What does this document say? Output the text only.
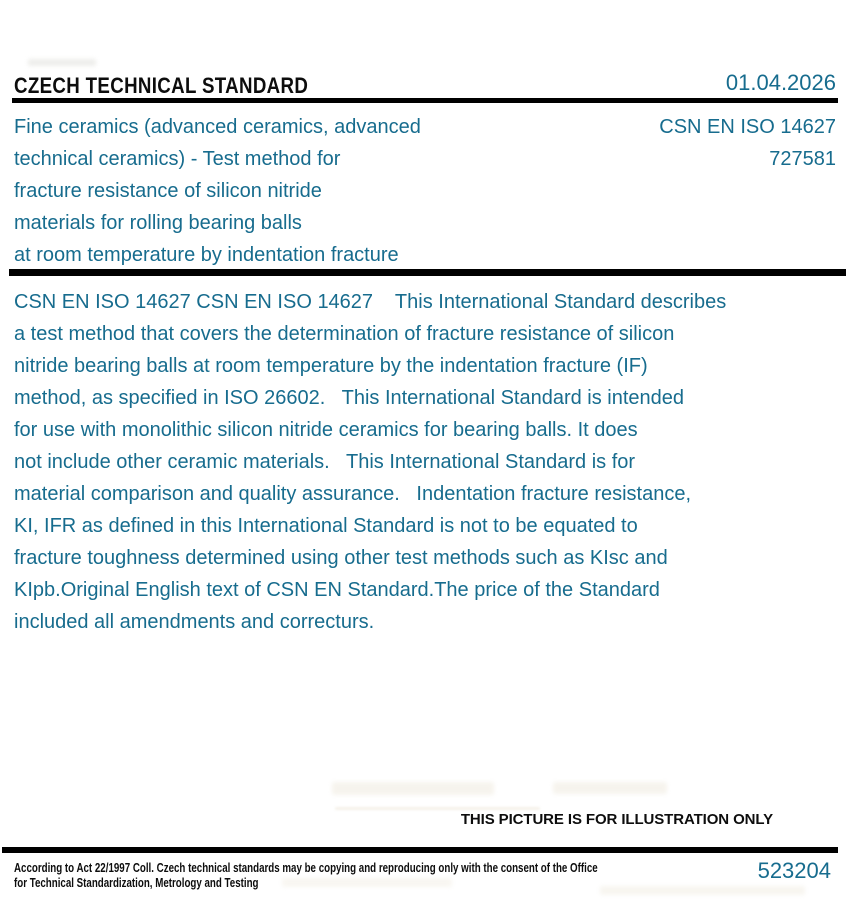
CZECH TECHNICAL STANDARD	01.04.2026
Fine ceramics (advanced ceramics, advanced
technical ceramics) - Test method for
fracture resistance of silicon nitride
materials for rolling bearing balls
at room temperature by indentation fracture
CSN EN ISO 14627
727581
CSN EN ISO 14627 CSN EN ISO 14627    This International Standard describes
a test method that covers the determination of fracture resistance of silicon
nitride bearing balls at room temperature by the indentation fracture (IF)
method, as specified in ISO 26602.   This International Standard is intended
for use with monolithic silicon nitride ceramics for bearing balls. It does
not include other ceramic materials.   This International Standard is for
material comparison and quality assurance.   Indentation fracture resistance,
KI, IFR as defined in this International Standard is not to be equated to
fracture toughness determined using other test methods such as KIsc and
KIpb.Original English text of CSN EN Standard.The price of the Standard
included all amendments and correcturs.
THIS PICTURE IS FOR ILLUSTRATION ONLY
According to Act 22/1997 Coll. Czech technical standards may be copying and reproducing only with the consent of the Office
for Technical Standardization, Metrology and Testing	523204
